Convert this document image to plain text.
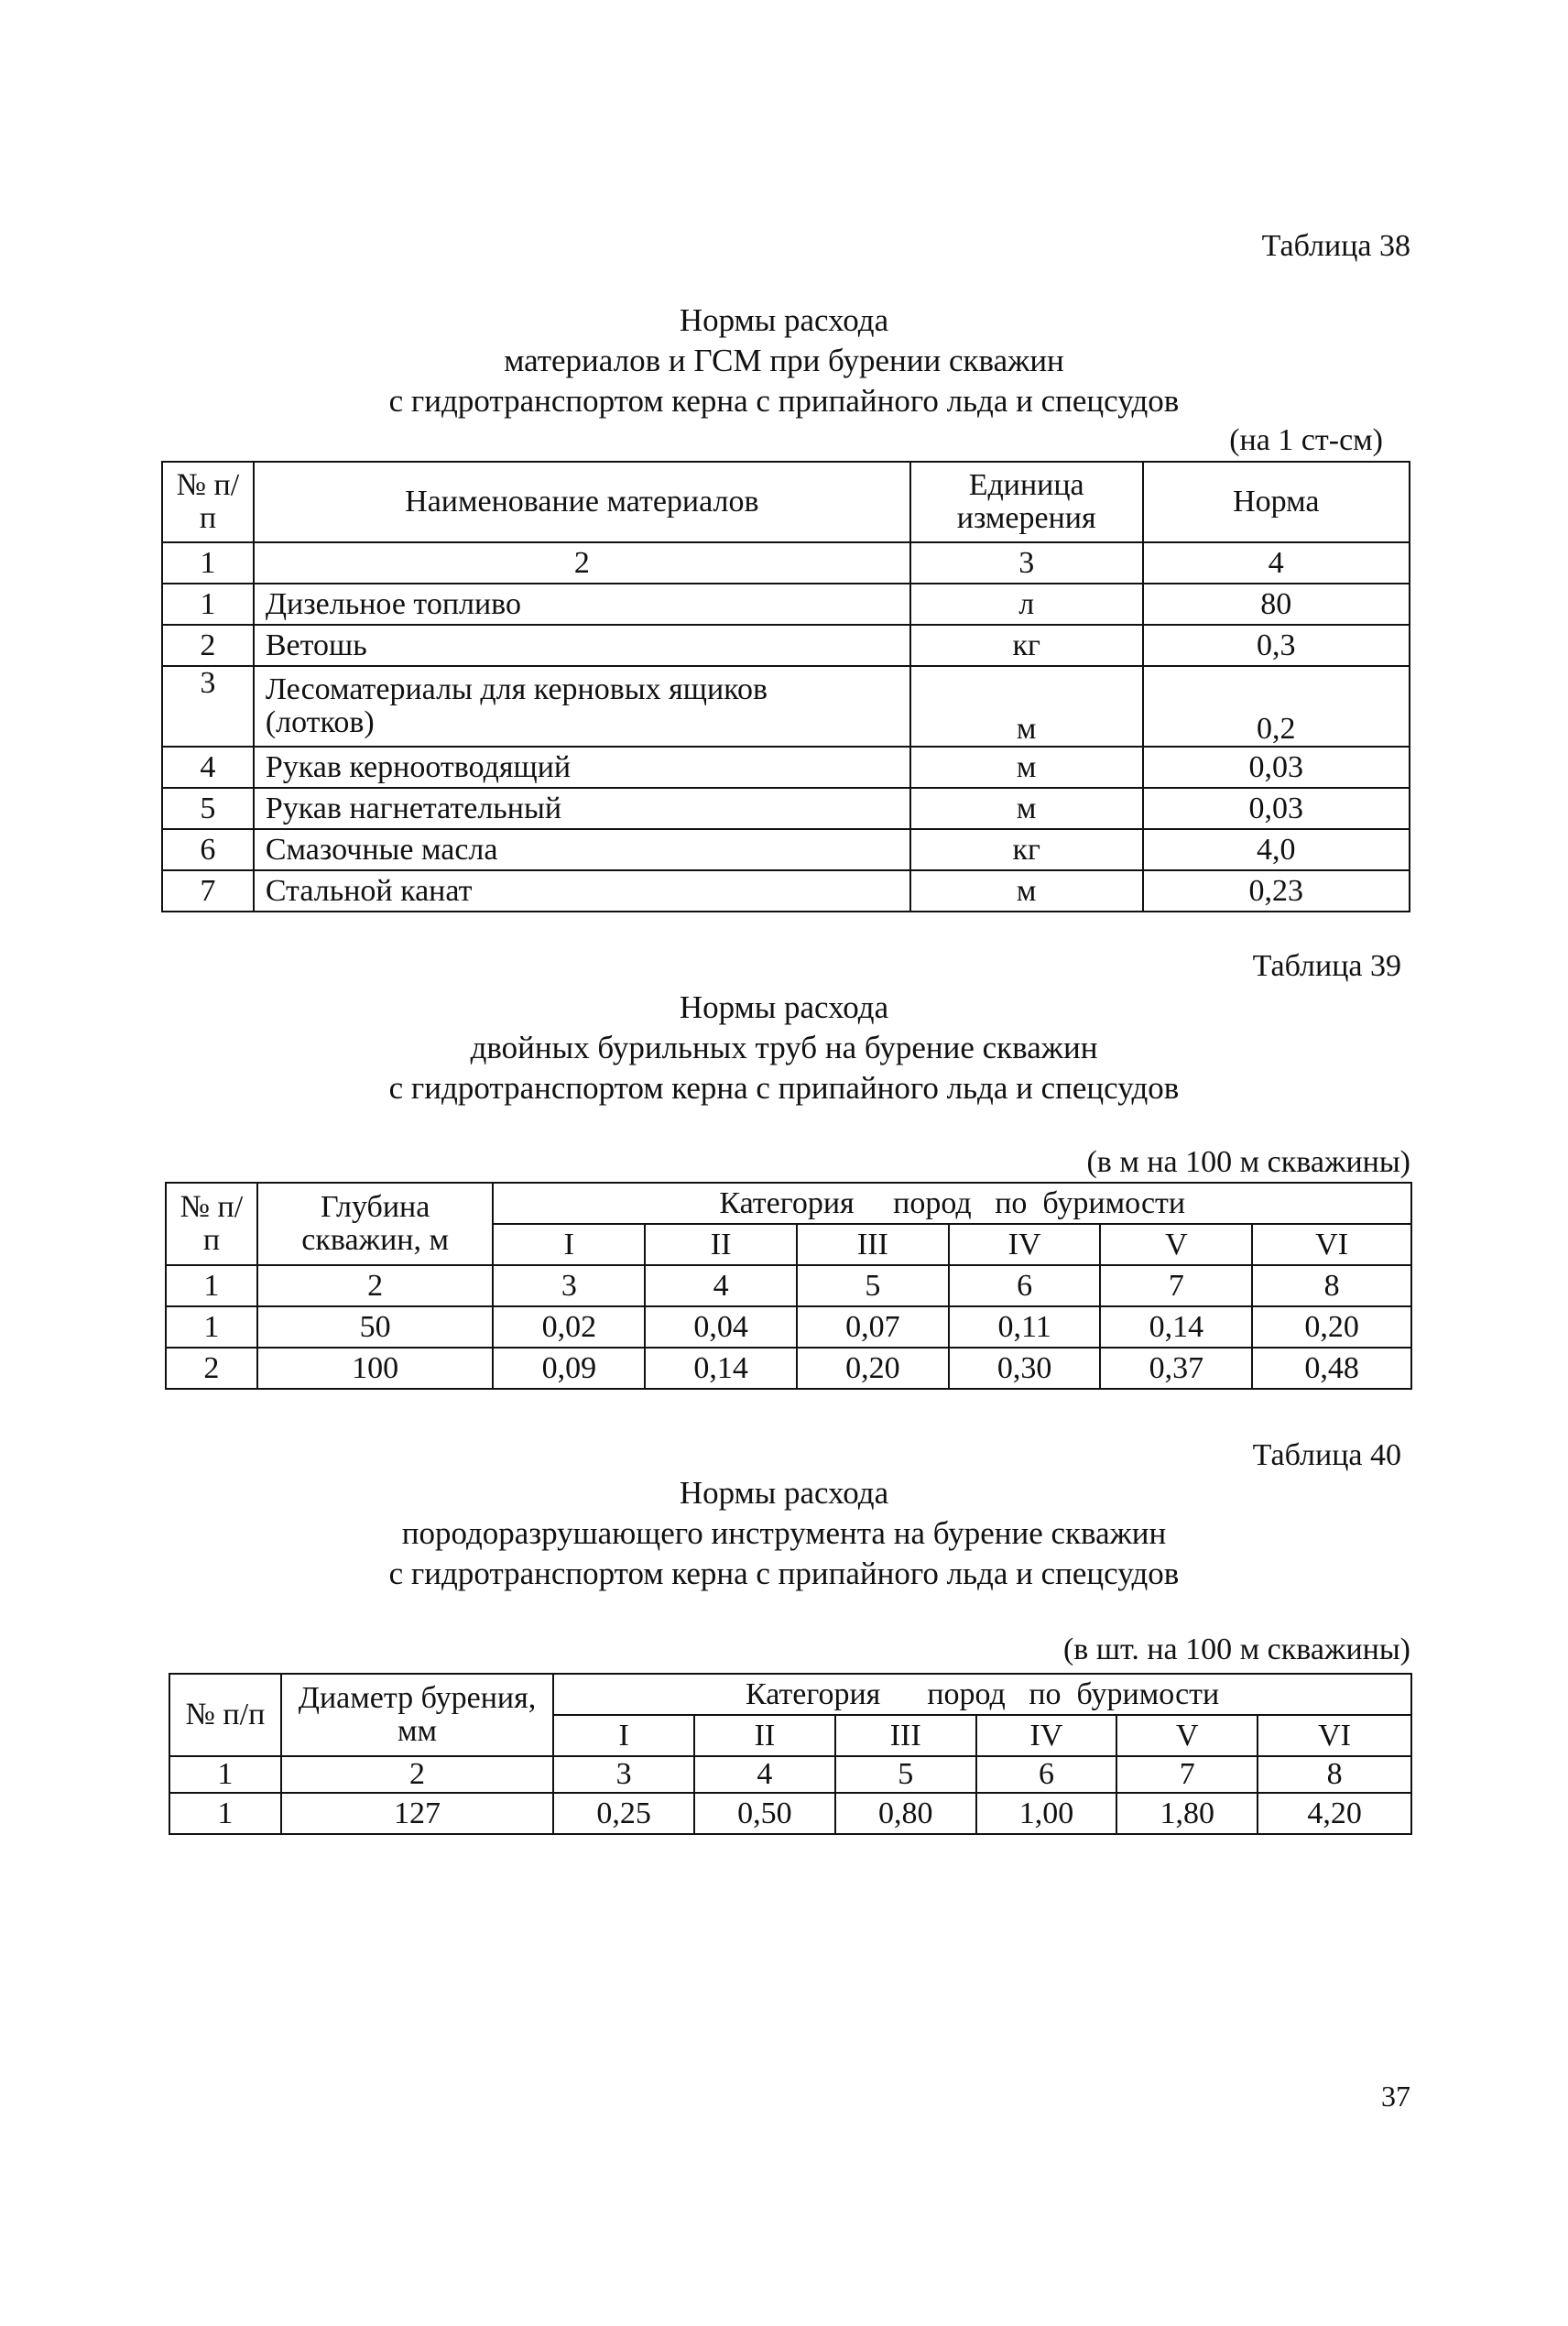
Таблица 38
Нормы расхода
материалов и ГСМ при бурении скважин
с гидротранспортом керна с припайного льда и спецсудов
(на 1 ст-см)
№ п/п	Наименование материалов	Единица измерения	Норма
1	2	3	4
1	Дизельное топливо	л	80
2	Ветошь	кг	0,3
3	Лесоматериалы для керновых ящиков (лотков)	м	0,2
4	Рукав керноотводящий	м	0,03
5	Рукав нагнетательный	м	0,03
6	Смазочные масла	кг	4,0
7	Стальной канат	м	0,23
Таблица 39
Нормы расхода
двойных бурильных труб на бурение скважин
с гидротранспортом керна с припайного льда и спецсудов
(в м на 100 м скважины)
№ п/п	Глубина скважин, м	Категория     пород   по  буримости					
		I	II	III	IV	V	VI
1	2	3	4	5	6	7	8
1	50	0,02	0,04	0,07	0,11	0,14	0,20
2	100	0,09	0,14	0,20	0,30	0,37	0,48
Таблица 40
Нормы расхода
породоразрушающего инструмента на бурение скважин
с гидротранспортом керна с припайного льда и спецсудов
(в шт. на 100 м скважины)
№ п/п	Диаметр бурения, мм	Категория      пород   по  буримости					
		I	II	III	IV	V	VI
1	2	3	4	5	6	7	8
1	127	0,25	0,50	0,80	1,00	1,80	4,20
37
